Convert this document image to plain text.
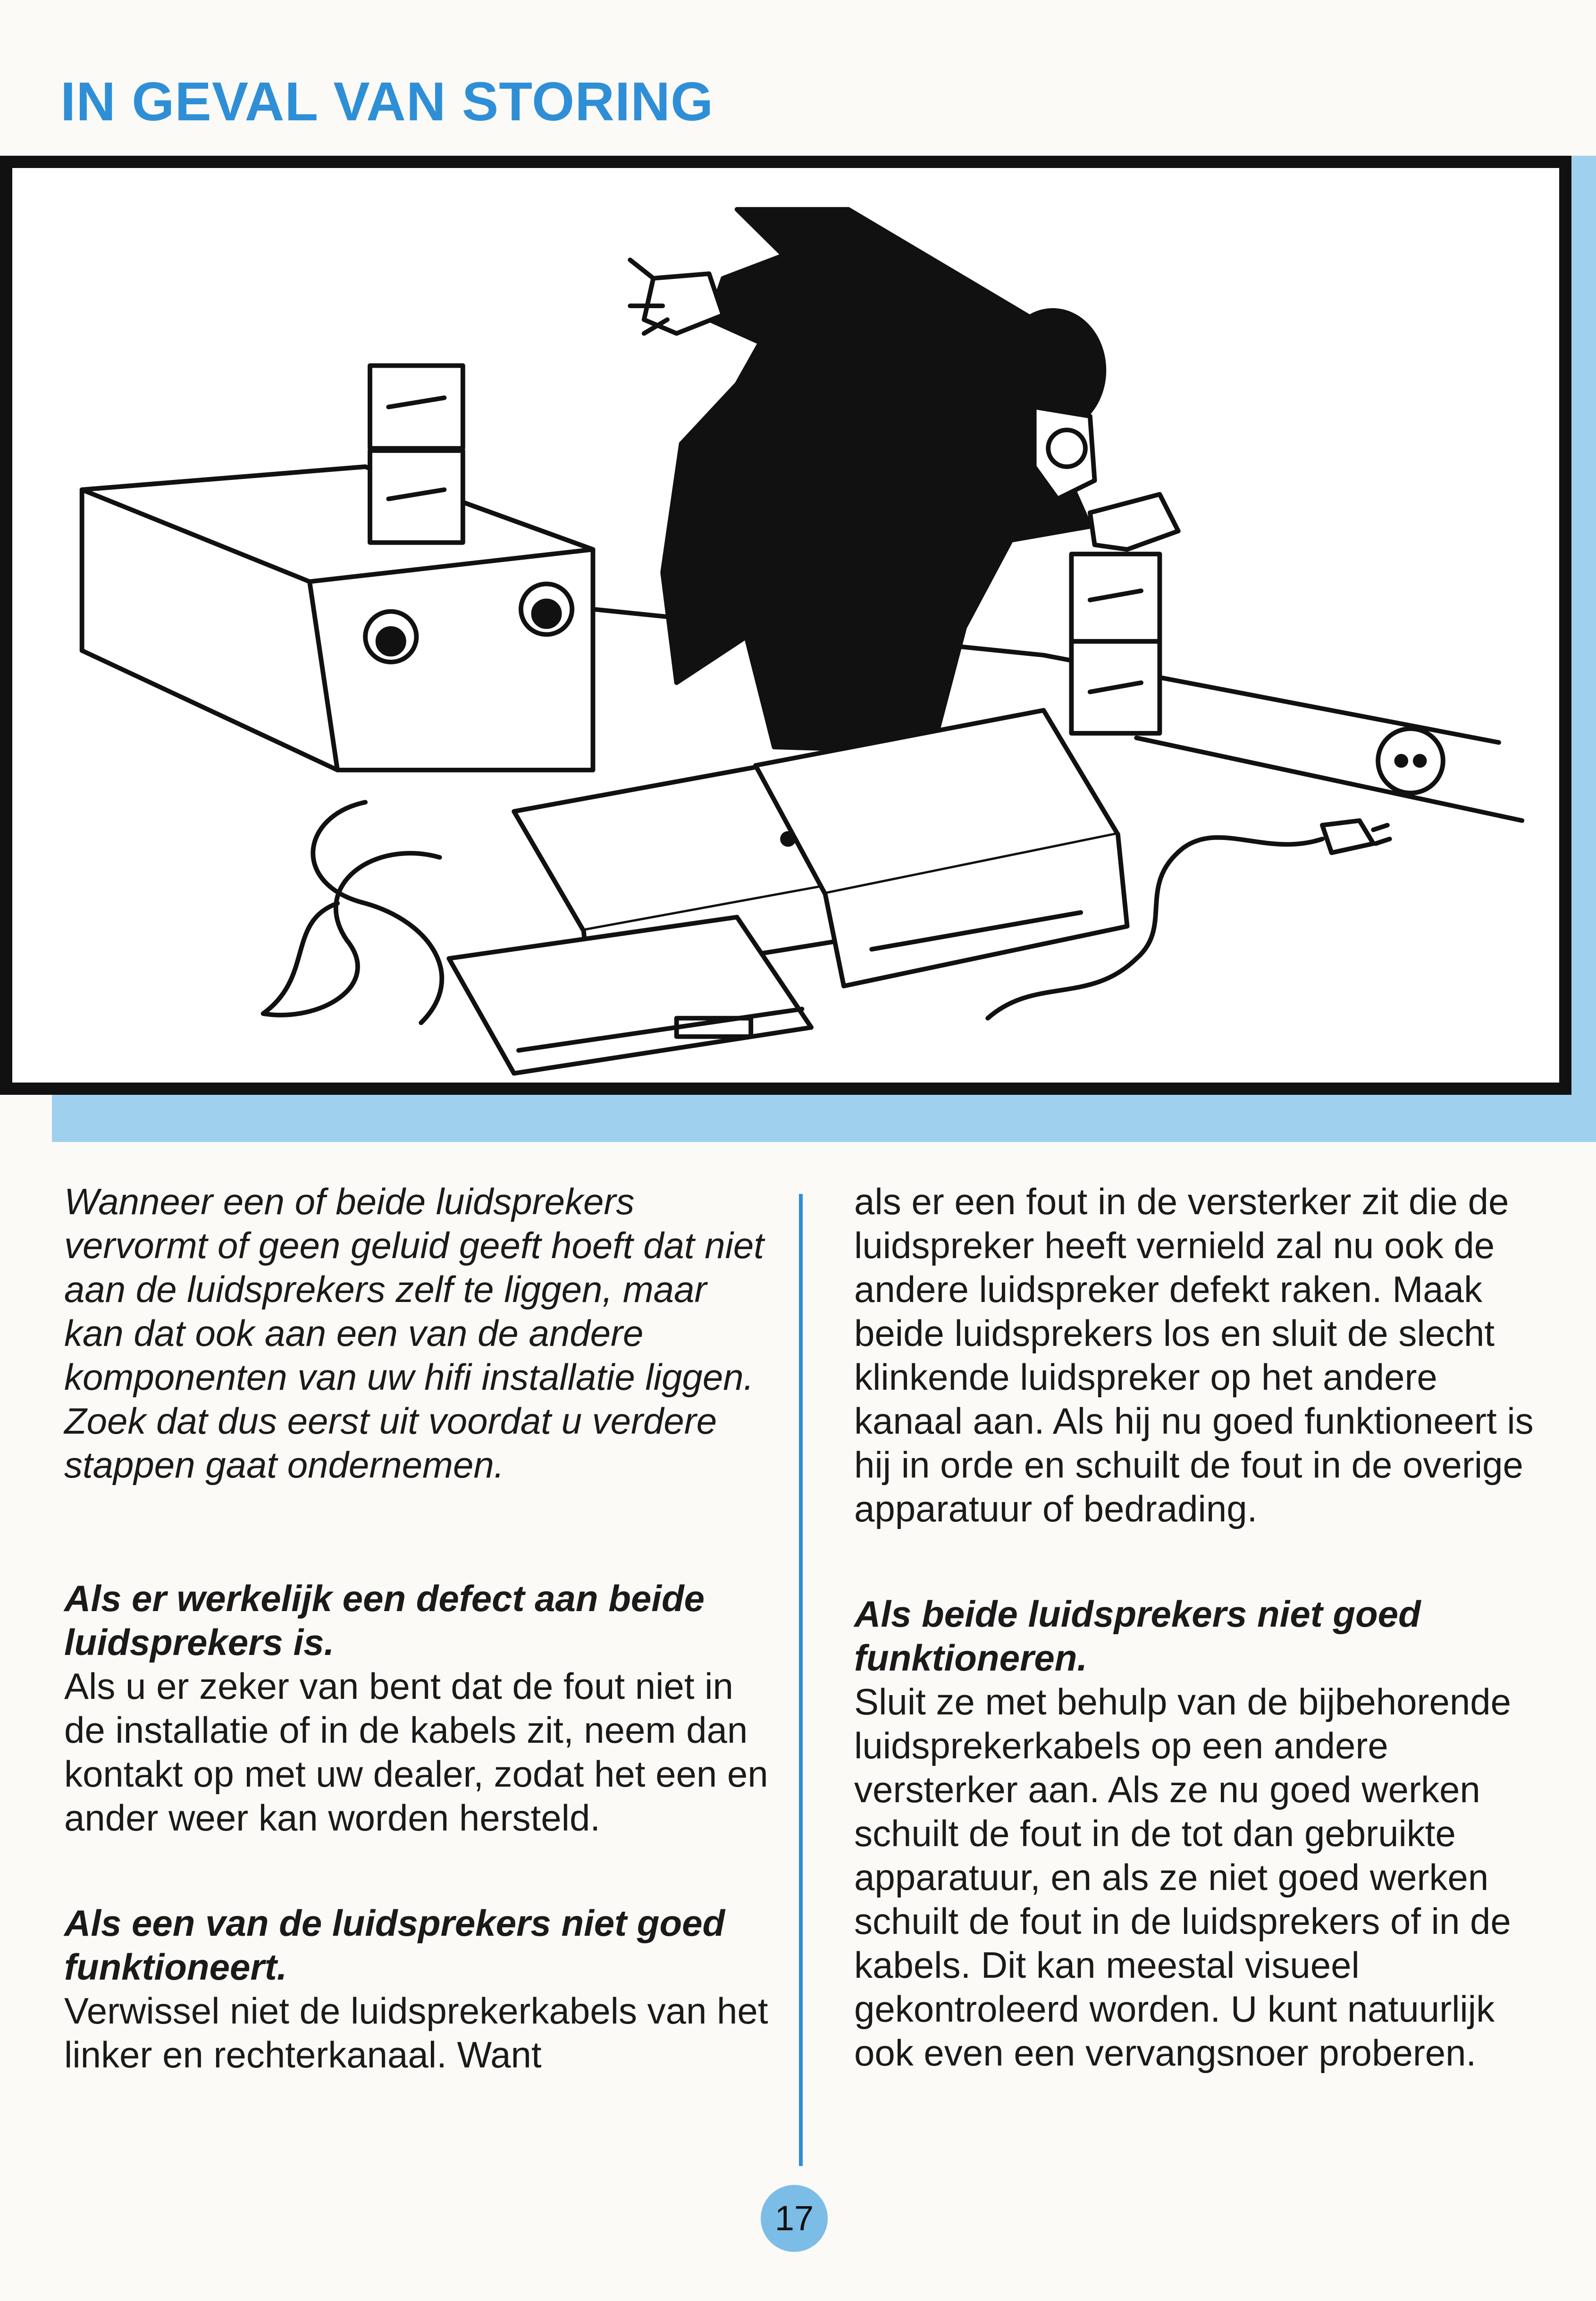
IN GEVAL VAN STORING

Wanneer een of beide luidsprekers vervormt of geen geluid geeft hoeft dat niet aan de luidsprekers zelf te liggen, maar kan dat ook aan een van de andere komponenten van uw hifi installatie liggen. Zoek dat dus eerst uit voordat u verdere stappen gaat ondernemen.

Als er werkelijk een defect aan beide luidsprekers is.
Als u er zeker van bent dat de fout niet in de installatie of in de kabels zit, neem dan kontakt op met uw dealer, zodat het een en ander weer kan worden hersteld.

Als een van de luidsprekers niet goed funktioneert.
Verwissel niet de luidsprekerkabels van het linker en rechterkanaal. Want

als er een fout in de versterker zit die de luidspreker heeft vernield zal nu ook de andere luidspreker defekt raken. Maak beide luidsprekers los en sluit de slecht klinkende luidspreker op het andere kanaal aan. Als hij nu goed funktioneert is hij in orde en schuilt de fout in de overige apparatuur of bedrading.

Als beide luidsprekers niet goed funktioneren.
Sluit ze met behulp van de bijbehorende luidsprekerkabels op een andere versterker aan. Als ze nu goed werken schuilt de fout in de tot dan gebruikte apparatuur, en als ze niet goed werken schuilt de fout in de luidsprekers of in de kabels. Dit kan meestal visueel gekontroleerd worden. U kunt natuurlijk ook even een vervangsnoer proberen.

17
